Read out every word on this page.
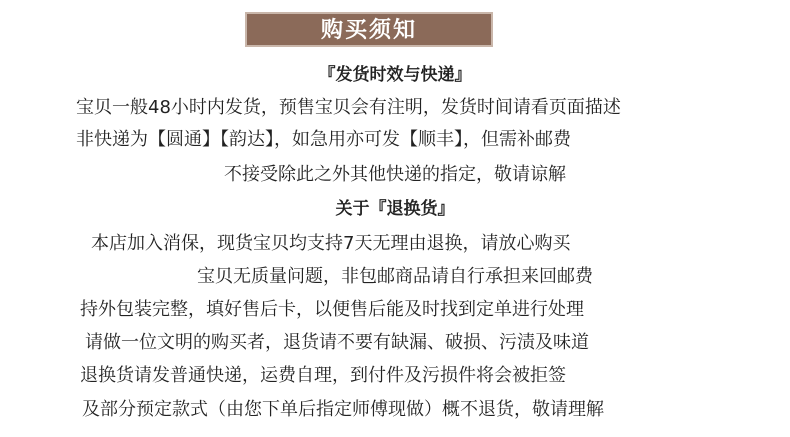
购买须知
『发货时效与快递』
宝贝一般48小时内发货，预售宝贝会有注明，发货时间请看页面描述
非快递为【圆通】【韵达】，如急用亦可发【顺丰】，但需补邮费
不接受除此之外其他快递的指定，敬请谅解
关于『退换货』
本店加入消保，现货宝贝均支持7天无理由退换，请放心购买
宝贝无质量问题，非包邮商品请自行承担来回邮费
持外包装完整，填好售后卡，以便售后能及时找到定单进行处理
请做一位文明的购买者，退货请不要有缺漏、破损、污渍及味道
退换货请发普通快递，运费自理，到付件及污损件将会被拒签
及部分预定款式（由您下单后指定师傅现做）概不退货，敬请理解
